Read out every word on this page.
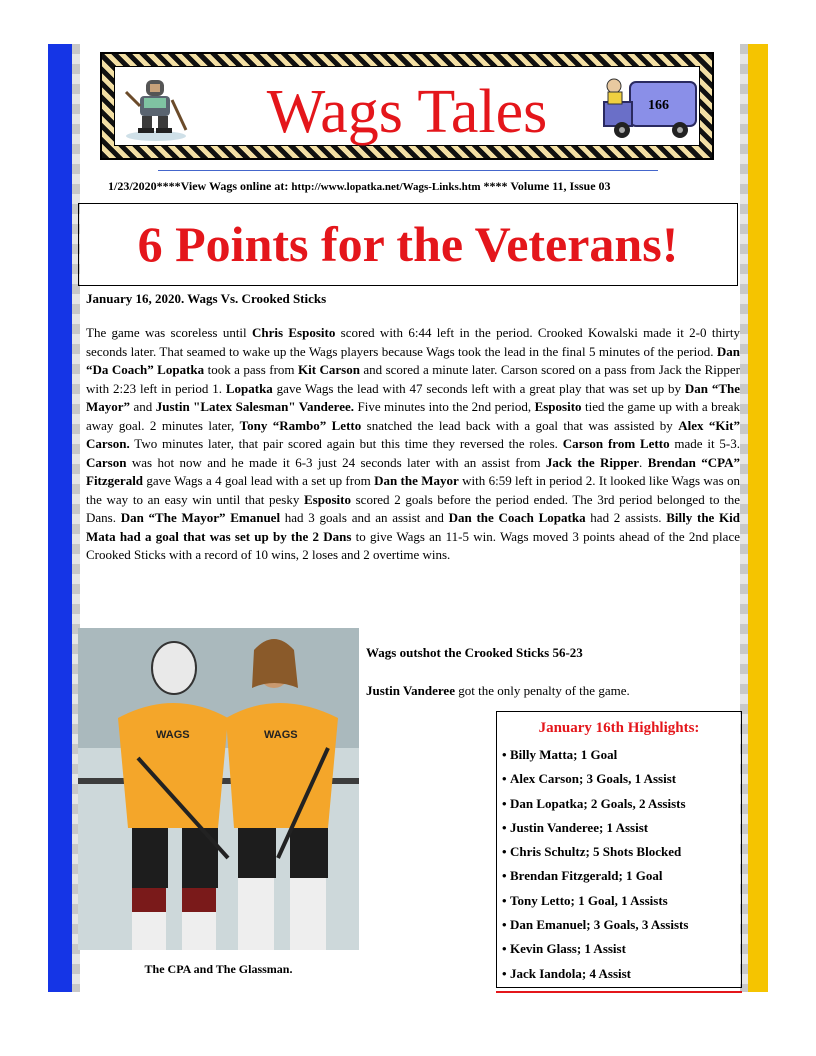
Wags Tales	166
1/23/2020****View Wags online at: http://www.lopatka.net/Wags-Links.htm **** Volume 11, Issue 03
6 Points for the Veterans!
January 16, 2020. Wags Vs. Crooked Sticks
The game was scoreless until Chris Esposito scored with 6:44 left in the period. Crooked Kowalski made it 2-0 thirty seconds later. That seamed to wake up the Wags players because Wags took the lead in the final 5 minutes of the period. Dan “Da Coach” Lopatka took a pass from Kit Carson and scored a minute later. Carson scored on a pass from Jack the Ripper with 2:23 left in period 1. Lopatka gave Wags the lead with 47 seconds left with a great play that was set up by Dan “The Mayor” and Justin "Latex Salesman" Vanderee. Five minutes into the 2nd period, Esposito tied the game up with a break away goal. 2 minutes later, Tony “Rambo” Letto snatched the lead back with a goal that was assisted by Alex “Kit” Carson. Two minutes later, that pair scored again but this time they reversed the roles. Carson from Letto made it 5-3. Carson was hot now and he made it 6-3 just 24 seconds later with an assist from Jack the Ripper. Brendan “CPA” Fitzgerald gave Wags a 4 goal lead with a set up from Dan the Mayor with 6:59 left in period 2. It looked like Wags was on the way to an easy win until that pesky Esposito scored 2 goals before the period ended. The 3rd period belonged to the Dans. Dan “The Mayor” Emanuel had 3 goals and an assist and Dan the Coach Lopatka had 2 assists. Billy the Kid Mata had a goal that was set up by the 2 Dans to give Wags an 11-5 win. Wags moved 3 points ahead of the 2nd place Crooked Sticks with a record of 10 wins, 2 loses and 2 overtime wins.
WAGS	WAGS
The CPA and The Glassman.
Wags outshot the Crooked Sticks 56-23
Justin Vanderee got the only penalty of the game.
January 16th Highlights:
• Billy Matta; 1 Goal
• Alex Carson; 3 Goals, 1 Assist
• Dan Lopatka; 2 Goals, 2 Assists
• Justin Vanderee; 1 Assist
• Chris Schultz; 5 Shots Blocked
• Brendan Fitzgerald; 1 Goal
• Tony Letto; 1 Goal, 1 Assists
• Dan Emanuel; 3 Goals, 3 Assists
• Kevin Glass; 1 Assist
• Jack Iandola; 4 Assist
